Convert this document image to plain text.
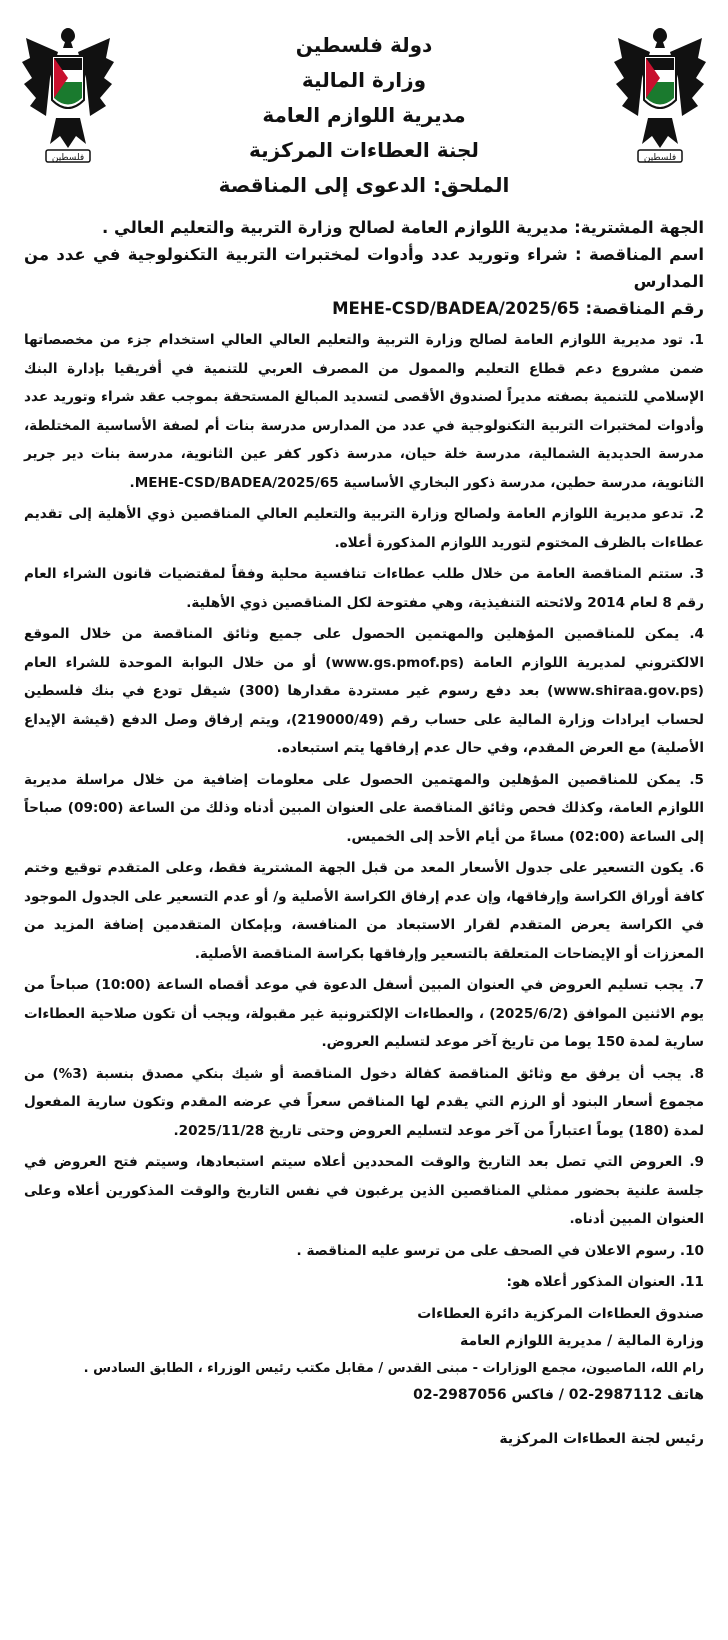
فلسطين	فلسطين
دولة فلسطين
وزارة المالية
مديرية اللوازم العامة
لجنة العطاءات المركزية
الملحق: الدعوى إلى المناقصة

الجهة المشترية: مديرية اللوازم العامة لصالح وزارة التربية والتعليم العالي .

اسم المناقصة : شراء وتوريد عدد وأدوات لمختبرات التربية التكنولوجية في عدد من المدارس

رقم المناقصة: MEHE-CSD/BADEA/2025/65

1. تود مديرية اللوازم العامة لصالح وزارة التربية والتعليم العالي العالي استخدام جزء من مخصصاتها ضمن مشروع دعم قطاع التعليم والممول من المصرف العربي للتنمية في أفريقيا بإدارة البنك الإسلامي للتنمية بصفته مديراً لصندوق الأقصى لتسديد المبالغ المستحقة بموجب عقد شراء وتوريد عدد وأدوات لمختبرات التربية التكنولوجية في عدد من المدارس مدرسة بنات أم لصفة الأساسية المختلطة، مدرسة الحديدية الشمالية، مدرسة خلة حيان، مدرسة ذكور كفر عين الثانوية، مدرسة بنات دير جرير الثانوية، مدرسة حطين، مدرسة ذكور البخاري الأساسية MEHE-CSD/BADEA/2025/65.
2. تدعو مديرية اللوازم العامة ولصالح وزارة التربية والتعليم العالي المناقصين ذوي الأهلية إلى تقديم عطاءات بالظرف المختوم لتوريد اللوازم المذكورة أعلاه.
3. ستتم المناقصة العامة من خلال طلب عطاءات تنافسية محلية وفقاً لمقتضيات قانون الشراء العام رقم 8 لعام 2014 ولائحته التنفيذية، وهي مفتوحة لكل المناقصين ذوي الأهلية.
4. يمكن للمناقصين المؤهلين والمهتمين الحصول على جميع وثائق المناقصة من خلال الموقع الالكتروني لمديرية اللوازم العامة (www.gs.pmof.ps) أو من خلال البوابة الموحدة للشراء العام (www.shiraa.gov.ps) بعد دفع رسوم غير مستردة مقدارها (300) شيقل تودع في بنك فلسطين لحساب ايرادات وزارة المالية على حساب رقم (219000/49)، ويتم إرفاق وصل الدفع (قيشة الإيداع الأصلية) مع العرض المقدم، وفي حال عدم إرفاقها يتم استبعاده.
5. يمكن للمناقصين المؤهلين والمهتمين الحصول على معلومات إضافية من خلال مراسلة مديرية اللوازم العامة، وكذلك فحص وثائق المناقصة على العنوان المبين أدناه وذلك من الساعة (09:00) صباحاً إلى الساعة (02:00) مساءً من أيام الأحد إلى الخميس.
6. يكون التسعير على جدول الأسعار المعد من قبل الجهة المشترية فقط، وعلى المتقدم توقيع وختم كافة أوراق الكراسة وإرفاقها، وإن عدم إرفاق الكراسة الأصلية و/ أو عدم التسعير على الجدول الموجود في الكراسة يعرض المتقدم لقرار الاستبعاد من المنافسة، وبإمكان المتقدمين إضافة المزيد من المعززات أو الإيضاحات المتعلقة بالتسعير وإرفاقها بكراسة المناقصة الأصلية.
7. يجب تسليم العروض في العنوان المبين أسفل الدعوة في موعد أقصاه الساعة (10:00) صباحاً من يوم الاثنين الموافق (2025/6/2) ، والعطاءات الإلكترونية غير مقبولة، ويجب أن تكون صلاحية العطاءات سارية لمدة 150 يوما من تاريخ آخر موعد لتسليم العروض.
8. يجب أن يرفق مع وثائق المناقصة كفالة دخول المناقصة أو شيك بنكي مصدق بنسبة (3%) من مجموع أسعار البنود أو الرزم التي يقدم لها المناقص سعراً في عرضه المقدم وتكون سارية المفعول لمدة (180) يوماً اعتباراً من آخر موعد لتسليم العروض وحتى تاريخ 2025/11/28.
9. العروض التي تصل بعد التاريخ والوقت المحددين أعلاه سيتم استبعادها، وسيتم فتح العروض في جلسة علنية بحضور ممثلي المناقصين الذين يرغبون في نفس التاريخ والوقت المذكورين أعلاه وعلى العنوان المبين أدناه.
10. رسوم الاعلان في الصحف على من ترسو عليه المناقصة .
11. العنوان المذكور أعلاه هو:
صندوق العطاءات المركزية دائرة العطاءات
وزارة المالية / مديرية اللوازم العامة
رام الله، الماصيون، مجمع الوزارات - مبنى القدس / مقابل مكتب رئيس الوزراء ، الطابق السادس .
هاتف 2987112-02 / فاكس 2987056-02
رئيس لجنة العطاءات المركزية
